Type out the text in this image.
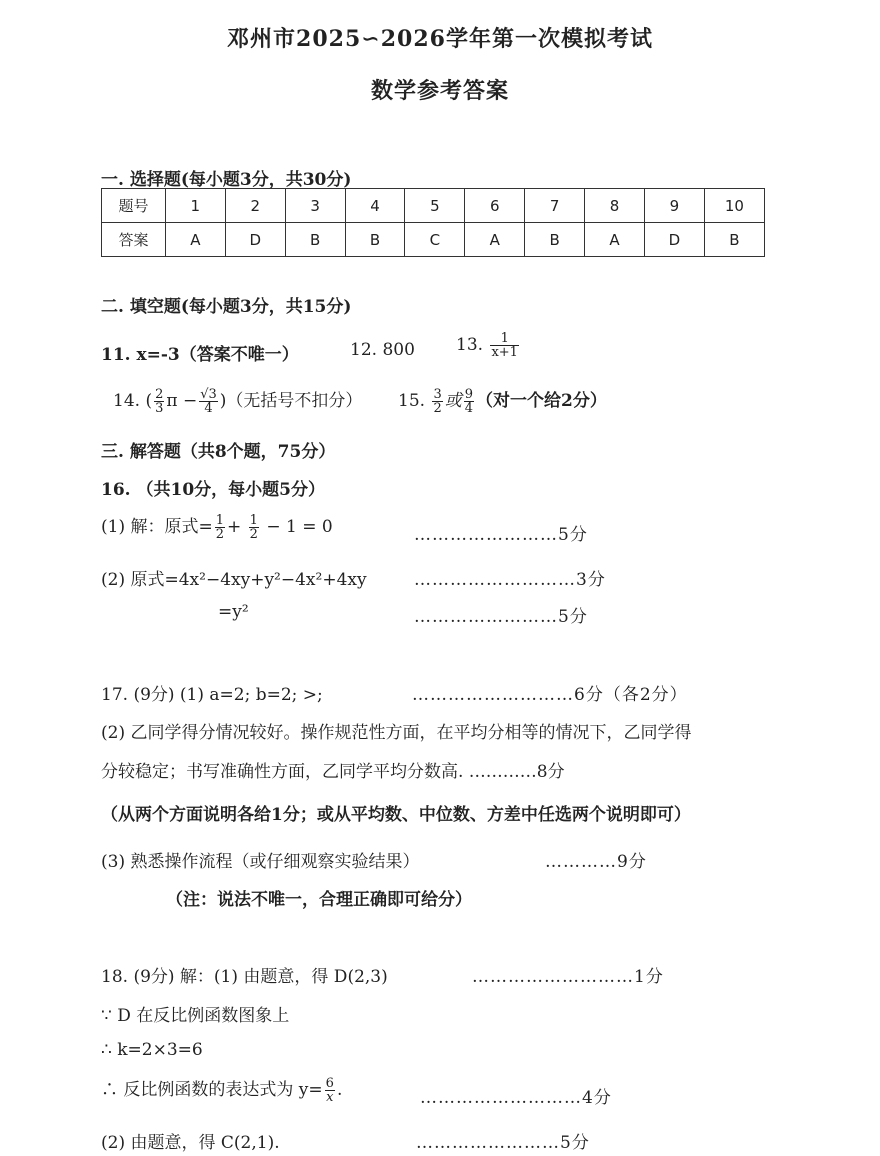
邓州市2025∽2026学年第一次模拟考试
数学参考答案
一. 选择题(每小题3分，共30分)
题号	1	2	3	4	5	6	7	8	9	10
答案	A	D	B	B	C	A	B	A	D	B
二. 填空题(每小题3分，共15分)
11. x=-3（答案不唯一）	12. 800 13. $\frac{1}{x+1}$
14. ( $\frac{2}{3}$ $\pi - \frac{√3}{4}$ )（无括号不扣分） 15. $\frac{3}{2}$ 或 $\frac{9}{4}$ （对一个给2分）
三. 解答题（共8个题，75分）
16. （共10分，每小题5分）
(1) 解：原式= $\frac{1}{2} + \frac{1}{2} - 1 = 0$	……………………5分
(2) 原式=4x²−4xy+y²−4x²+4xy	………………………3分
=y²	……………………5分
17. (9分) (1) a=2; b=2; >;	………………………6分（各2分）
(2) 乙同学得分情况较好。操作规范性方面，在平均分相等的情况下，乙同学得
分较稳定；书写准确性方面，乙同学平均分数高. …………8分
（从两个方面说明各给1分；或从平均数、中位数、方差中任选两个说明即可）
(3) 熟悉操作流程（或仔细观察实验结果）	…………9分
（注：说法不唯一，合理正确即可给分）
18. (9分) 解：(1) 由题意，得 D(2,3)	………………………1分
∵ D 在反比例函数图象上
∴ k=2×3=6
∴ 反比例函数的表达式为 $y= \frac{6}{x}$ .	………………………4分
(2) 由题意，得 C(2,1).	……………………5分
